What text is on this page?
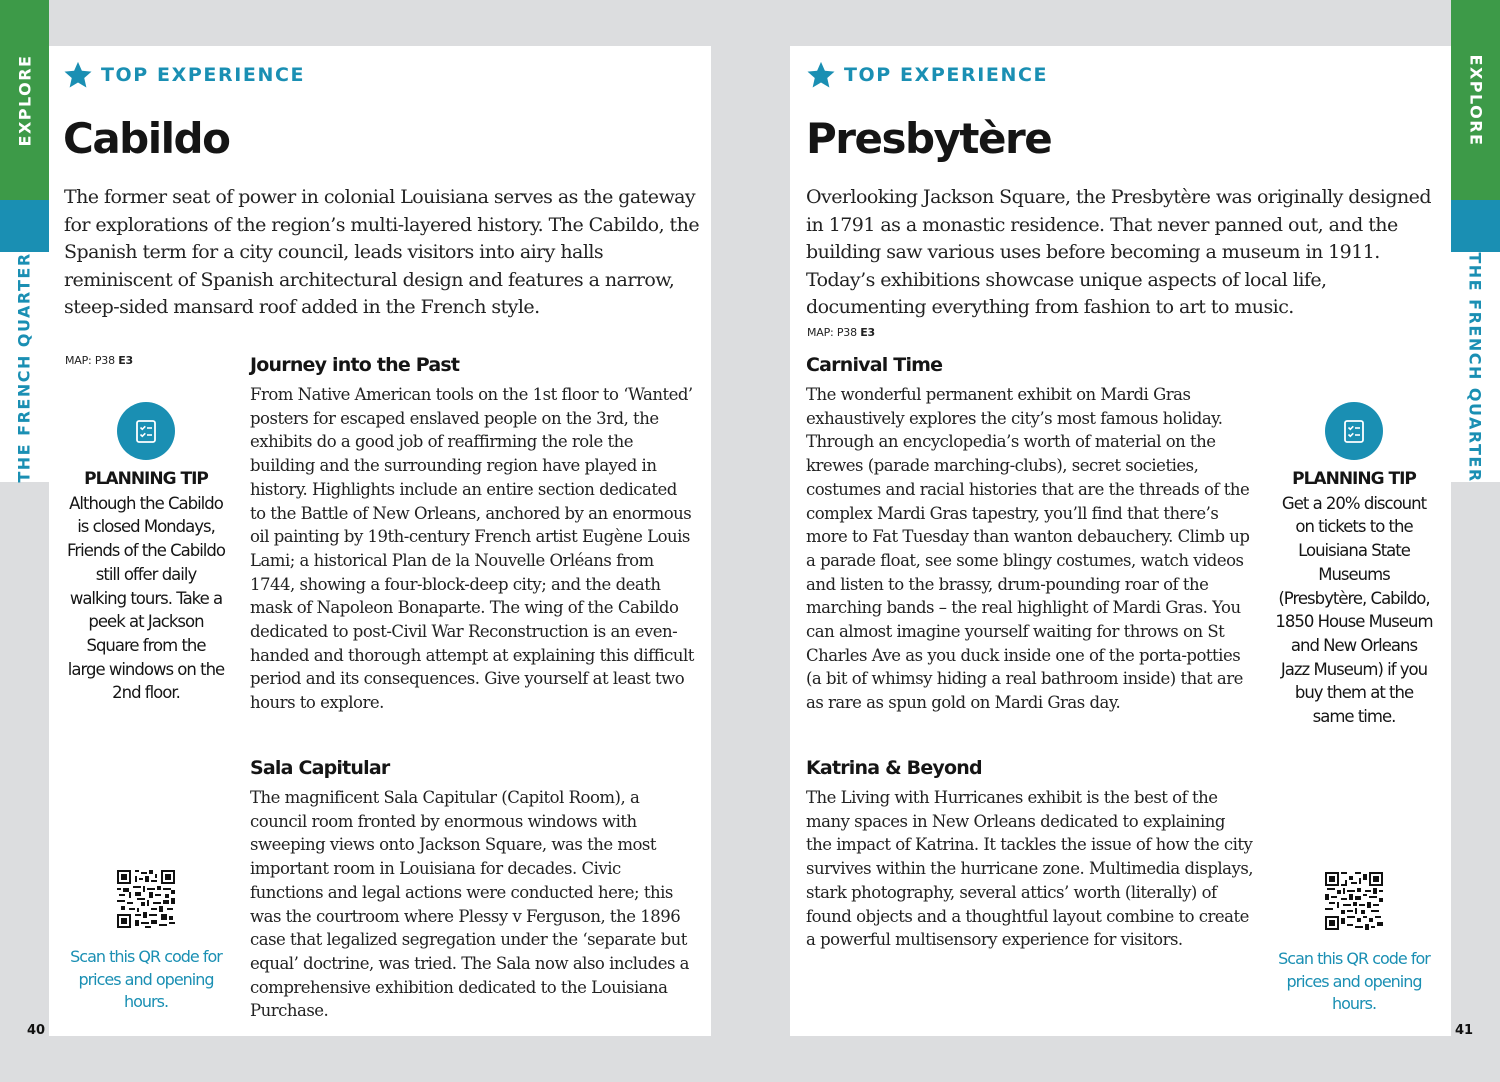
EXPLORE
THE FRENCH QUARTER
EXPLORE
THE FRENCH QUARTER
40	41
TOP EXPERIENCE
Cabildo

The former seat of power in colonial Louisiana serves as the gateway for explorations of the region’s multi-layered history. The Cabildo, the Spanish term for a city council, leads visitors into airy halls reminiscent of Spanish architectural design and features a narrow, steep-sided mansard roof added in the French style.

MAP: P38 E3
PLANNING TIP
Although the Cabildo is closed Mondays, Friends of the Cabildo still offer daily walking tours. Take a peek at Jackson Square from the large windows on the 2nd floor.
Scan this QR code for prices and opening hours.
Journey into the Past

From Native American tools on the 1st floor to ‘Wanted’ posters for escaped enslaved people on the 3rd, the exhibits do a good job of reaffirming the role the building and the surrounding region have played in history. Highlights include an entire section dedicated to the Battle of New Orleans, anchored by an enormous oil painting by 19th-century French artist Eugène Louis Lami; a historical Plan de la Nouvelle Orléans from 1744, showing a four-block-deep city; and the death mask of Napoleon Bonaparte. The wing of the Cabildo dedicated to post-Civil War Reconstruction is an even-handed and thorough attempt at explaining this difficult period and its consequences. Give yourself at least two hours to explore.

Sala Capitular

The magnificent Sala Capitular (Capitol Room), a council room fronted by enormous windows with sweeping views onto Jackson Square, was the most important room in Louisiana for decades. Civic functions and legal actions were conducted here; this was the courtroom where Plessy v Ferguson, the 1896 case that legalized segregation under the ‘separate but equal’ doctrine, was tried. The Sala now also includes a comprehensive exhibition dedicated to the Louisiana Purchase.

TOP EXPERIENCE
Presbytère

Overlooking Jackson Square, the Presbytère was originally designed in 1791 as a monastic residence. That never panned out, and the building saw various uses before becoming a museum in 1911. Today’s exhibitions showcase unique aspects of local life, documenting everything from fashion to art to music.

MAP: P38 E3
Carnival Time

The wonderful permanent exhibit on Mardi Gras exhaustively explores the city’s most famous holiday. Through an encyclopedia’s worth of material on the krewes (parade marching-clubs), secret societies, costumes and racial histories that are the threads of the complex Mardi Gras tapestry, you’ll find that there’s more to Fat Tuesday than wanton debauchery. Climb up a parade float, see some blingy costumes, watch videos and listen to the brassy, drum-pounding roar of the marching bands – the real highlight of Mardi Gras. You can almost imagine yourself waiting for throws on St Charles Ave as you duck inside one of the porta-potties (a bit of whimsy hiding a real bathroom inside) that are as rare as spun gold on Mardi Gras day.

Katrina & Beyond

The Living with Hurricanes exhibit is the best of the many spaces in New Orleans dedicated to explaining the impact of Katrina. It tackles the issue of how the city survives within the hurricane zone. Multimedia displays, stark photography, several attics’ worth (literally) of found objects and a thoughtful layout combine to create a powerful multisensory experience for visitors.

PLANNING TIP
Get a 20% discount on tickets to the Louisiana State Museums (Presbytère, Cabildo, 1850 House Museum and New Orleans Jazz Museum) if you buy them at the same time.
Scan this QR code for prices and opening hours.
